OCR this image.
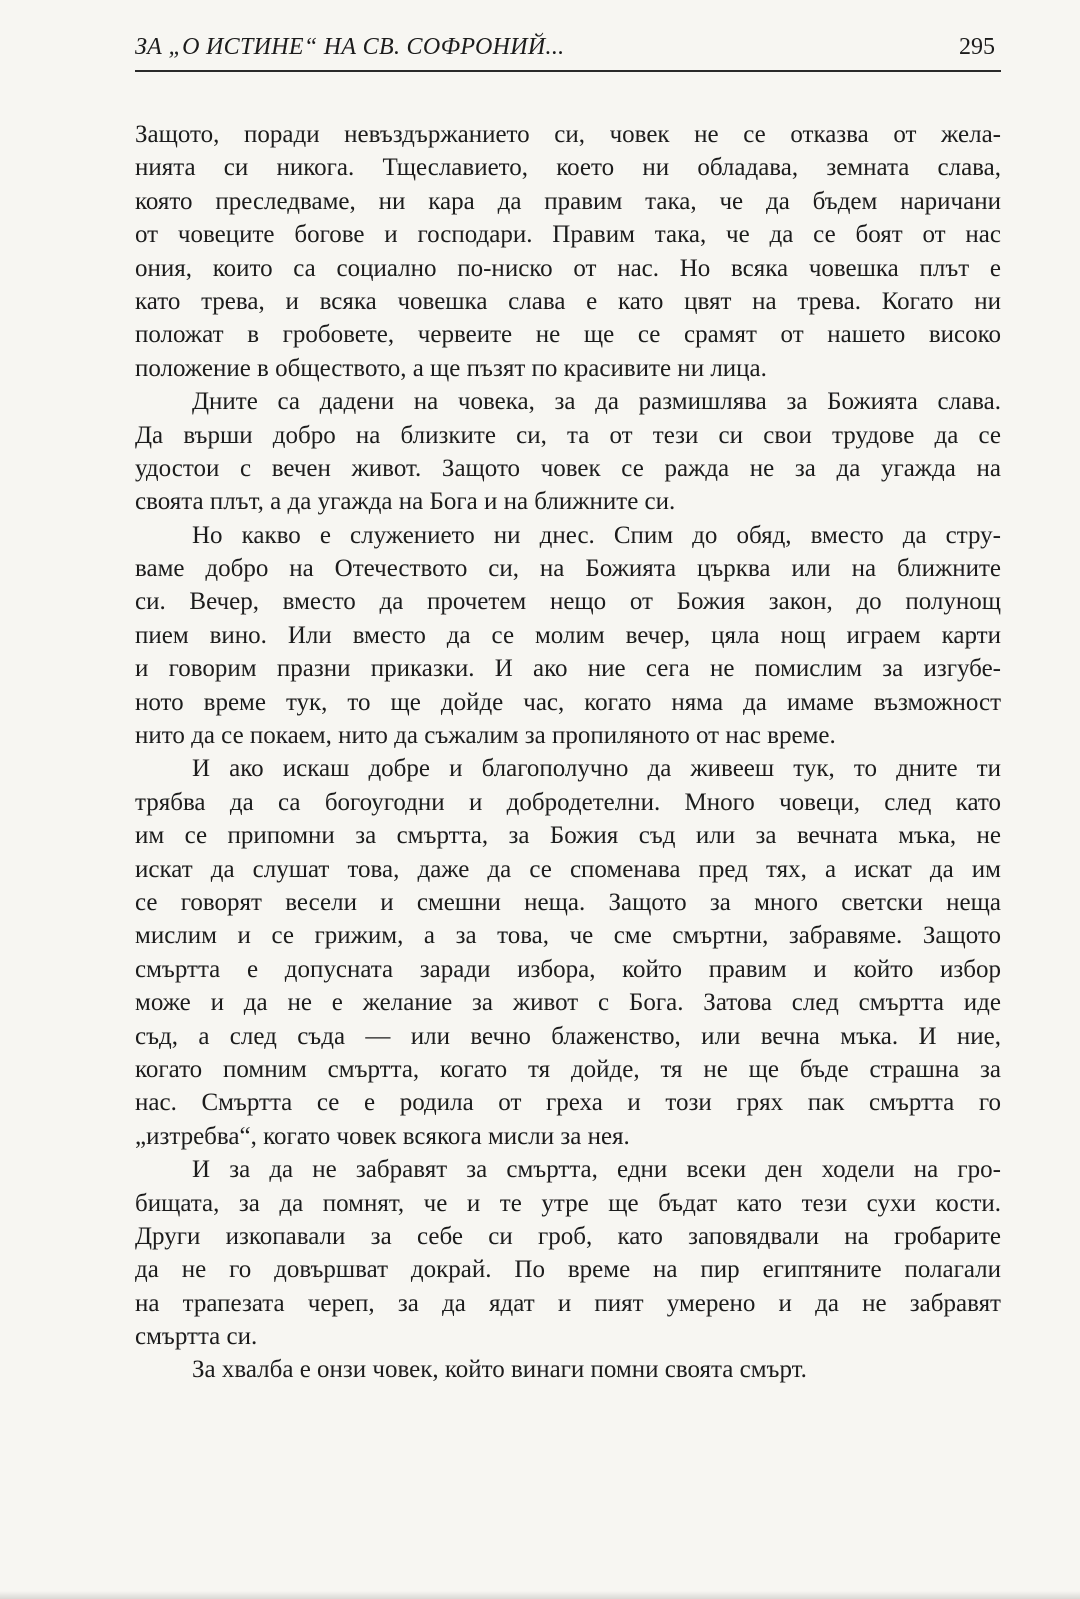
ЗА „О ИСТИНЕ“ НА СВ. СОФРОНИЙ...	295
Защото, поради невъздържанието си, човек не се отказва от жела-
нията си никога. Тщеславието, което ни обладава, земната слава,
която преследваме, ни кара да правим така, че да бъдем наричани
от човеците богове и господари. Правим така, че да се боят от нас
ония, които са социално по-ниско от нас. Но всяка човешка плът е
като трева, и всяка човешка слава е като цвят на трева. Когато ни
положат в гробовете, червеите не ще се срамят от нашето високо
положение в обществото, а ще пъзят по красивите ни лица.
Дните са дадени на човека, за да размишлява за Божията слава.
Да върши добро на близките си, та от тези си свои трудове да се
удостои с вечен живот. Защото човек се ражда не за да угажда на
своята плът, а да угажда на Бога и на ближните си.
Но какво е служението ни днес. Спим до обяд, вместо да стру-
ваме добро на Отечеството си, на Божията църква или на ближните
си. Вечер, вместо да прочетем нещо от Божия закон, до полунощ
пием вино. Или вместо да се молим вечер, цяла нощ играем карти
и говорим празни приказки. И ако ние сега не помислим за изгубе-
ното време тук, то ще дойде час, когато няма да имаме възможност
нито да се покаем, нито да съжалим за пропиляното от нас време.
И ако искаш добре и благополучно да живееш тук, то дните ти
трябва да са богоугодни и добродетелни. Много човеци, след като
им се припомни за смъртта, за Божия съд или за вечната мъка, не
искат да слушат това, даже да се споменава пред тях, а искат да им
се говорят весели и смешни неща. Защото за много светски неща
мислим и се грижим, а за това, че сме смъртни, забравяме. Защото
смъртта е допусната заради избора, който правим и който избор
може и да не е желание за живот с Бога. Затова след смъртта иде
съд, а след съда — или вечно блаженство, или вечна мъка. И ние,
когато помним смъртта, когато тя дойде, тя не ще бъде страшна за
нас. Смъртта се е родила от греха и този грях пак смъртта го
„изтребва“, когато човек всякога мисли за нея.
И за да не забравят за смъртта, едни всеки ден ходели на гро-
бищата, за да помнят, че и те утре ще бъдат като тези сухи кости.
Други изкопавали за себе си гроб, като заповядвали на гробарите
да не го довършват докрай. По време на пир египтяните полагали
на трапезата череп, за да ядат и пият умерено и да не забравят
смъртта си.
За хвалба е онзи човек, който винаги помни своята смърт.
